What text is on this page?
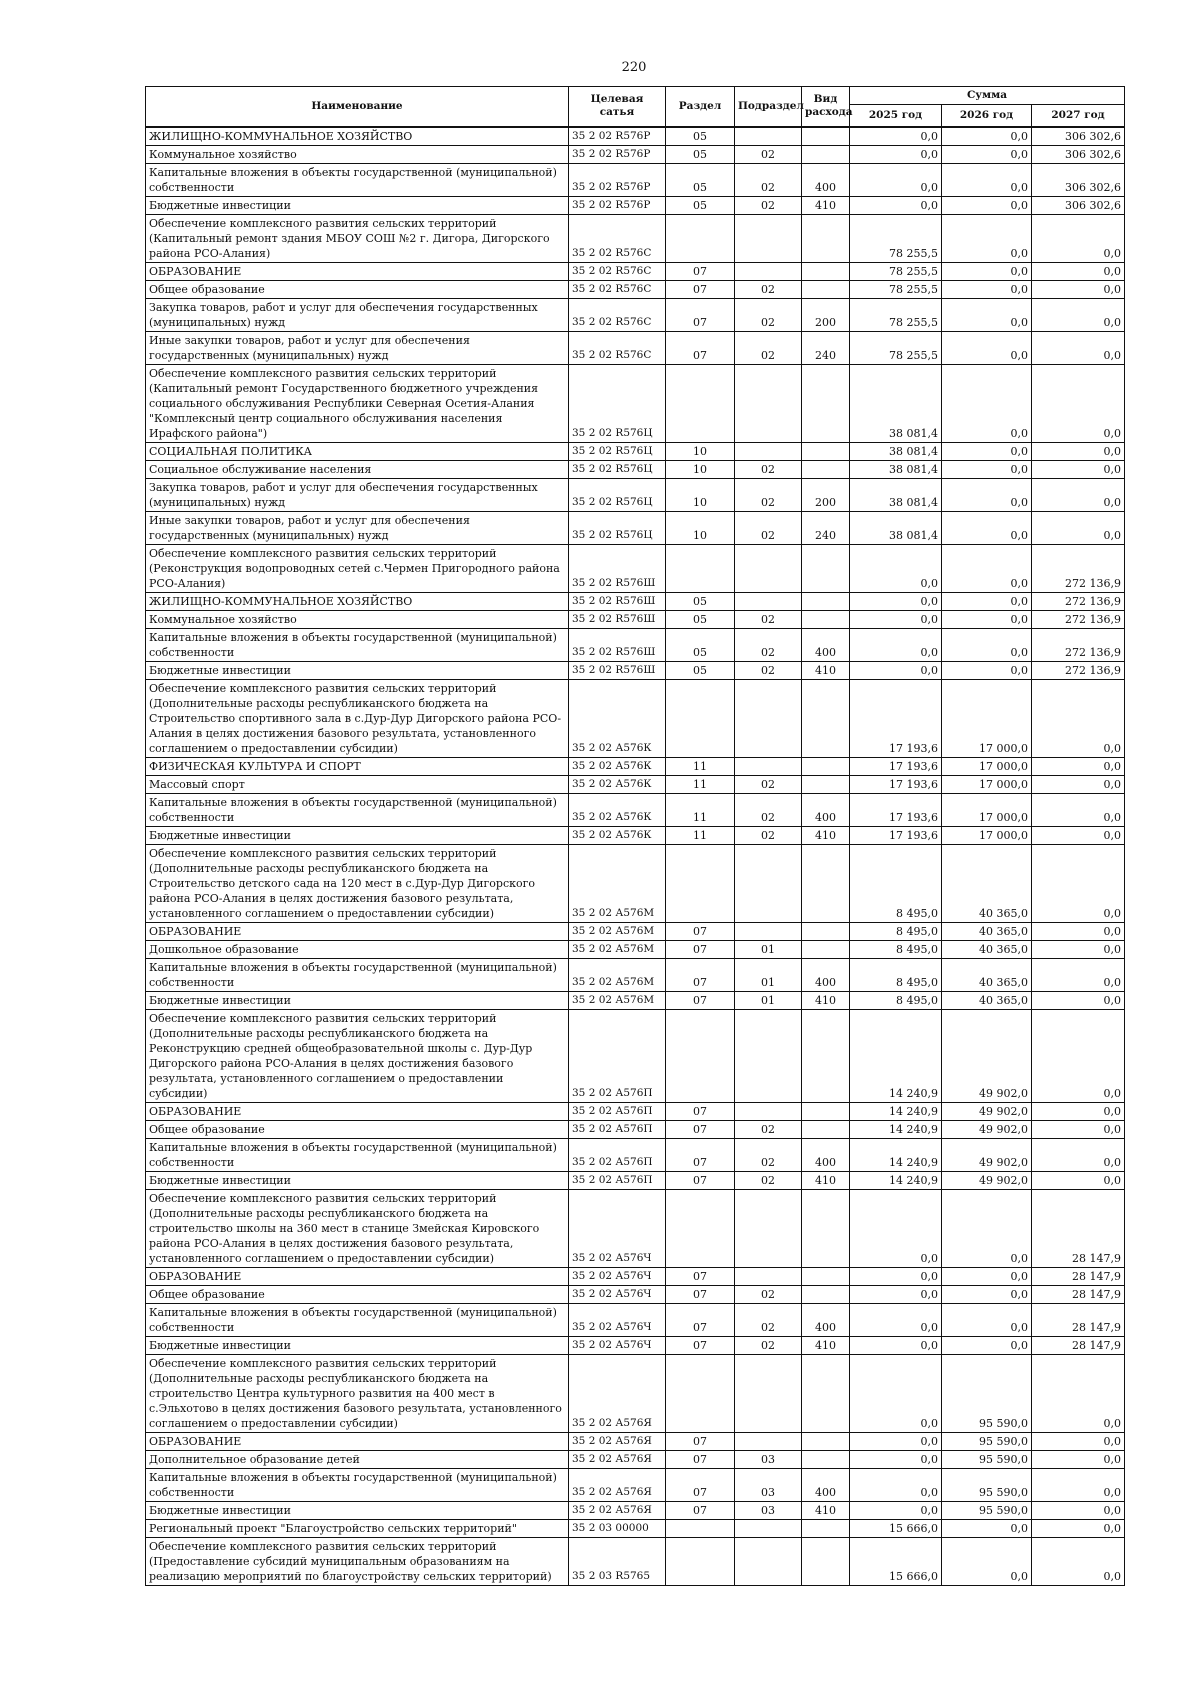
220
Наименование	Целевая сатья	Раздел	Подраздел	Вид расхода	Сумма		
					2025 год	2026 год	2027 год
ЖИЛИЩНО-КОММУНАЛЬНОЕ ХОЗЯЙСТВО	35 2 02 R576Р	05			0,0	0,0	306 302,6
Коммунальное хозяйство	35 2 02 R576Р	05	02		0,0	0,0	306 302,6
Капитальные вложения в объекты государственной (муниципальной) собственности	35 2 02 R576Р	05	02	400	0,0	0,0	306 302,6
Бюджетные инвестиции	35 2 02 R576Р	05	02	410	0,0	0,0	306 302,6
Обеспечение комплексного развития сельских территорий (Капитальный ремонт здания МБОУ СОШ №2 г. Дигора, Дигорского района РСО-Алания)	35 2 02 R576С				78 255,5	0,0	0,0
ОБРАЗОВАНИЕ	35 2 02 R576С	07			78 255,5	0,0	0,0
Общее образование	35 2 02 R576С	07	02		78 255,5	0,0	0,0
Закупка товаров, работ и услуг для обеспечения государственных (муниципальных) нужд	35 2 02 R576С	07	02	200	78 255,5	0,0	0,0
Иные закупки товаров, работ и услуг для обеспечения государственных (муниципальных) нужд	35 2 02 R576С	07	02	240	78 255,5	0,0	0,0
Обеспечение комплексного развития сельских территорий (Капитальный ремонт Государственного бюджетного учреждения социального обслуживания Республики Северная Осетия-Алания "Комплексный центр социального обслуживания населения Ирафского района")	35 2 02 R576Ц				38 081,4	0,0	0,0
СОЦИАЛЬНАЯ ПОЛИТИКА	35 2 02 R576Ц	10			38 081,4	0,0	0,0
Социальное обслуживание населения	35 2 02 R576Ц	10	02		38 081,4	0,0	0,0
Закупка товаров, работ и услуг для обеспечения государственных (муниципальных) нужд	35 2 02 R576Ц	10	02	200	38 081,4	0,0	0,0
Иные закупки товаров, работ и услуг для обеспечения государственных (муниципальных) нужд	35 2 02 R576Ц	10	02	240	38 081,4	0,0	0,0
Обеспечение комплексного развития сельских территорий (Реконструкция водопроводных сетей с.Чермен Пригородного района РСО-Алания)	35 2 02 R576Ш				0,0	0,0	272 136,9
ЖИЛИЩНО-КОММУНАЛЬНОЕ ХОЗЯЙСТВО	35 2 02 R576Ш	05			0,0	0,0	272 136,9
Коммунальное хозяйство	35 2 02 R576Ш	05	02		0,0	0,0	272 136,9
Капитальные вложения в объекты государственной (муниципальной) собственности	35 2 02 R576Ш	05	02	400	0,0	0,0	272 136,9
Бюджетные инвестиции	35 2 02 R576Ш	05	02	410	0,0	0,0	272 136,9
Обеспечение комплексного развития сельских территорий (Дополнительные расходы республиканского бюджета на Строительство спортивного зала в с.Дур-Дур Дигорского района РСО-Алания в целях достижения базового результата, установленного соглашением о предоставлении субсидии)	35 2 02 А576К				17 193,6	17 000,0	0,0
ФИЗИЧЕСКАЯ КУЛЬТУРА И СПОРТ	35 2 02 А576К	11			17 193,6	17 000,0	0,0
Массовый спорт	35 2 02 А576К	11	02		17 193,6	17 000,0	0,0
Капитальные вложения в объекты государственной (муниципальной) собственности	35 2 02 А576К	11	02	400	17 193,6	17 000,0	0,0
Бюджетные инвестиции	35 2 02 А576К	11	02	410	17 193,6	17 000,0	0,0
Обеспечение комплексного развития сельских территорий (Дополнительные расходы республиканского бюджета на Строительство детского сада на 120 мест в с.Дур-Дур Дигорского района РСО-Алания в целях достижения базового результата, установленного соглашением о предоставлении субсидии)	35 2 02 А576М				8 495,0	40 365,0	0,0
ОБРАЗОВАНИЕ	35 2 02 А576М	07			8 495,0	40 365,0	0,0
Дошкольное образование	35 2 02 А576М	07	01		8 495,0	40 365,0	0,0
Капитальные вложения в объекты государственной (муниципальной) собственности	35 2 02 А576М	07	01	400	8 495,0	40 365,0	0,0
Бюджетные инвестиции	35 2 02 А576М	07	01	410	8 495,0	40 365,0	0,0
Обеспечение комплексного развития сельских территорий (Дополнительные расходы республиканского бюджета на Реконструкцию средней общеобразовательной школы с. Дур-Дур Дигорского района РСО-Алания в целях достижения базового результата, установленного соглашением о предоставлении субсидии)	35 2 02 А576П				14 240,9	49 902,0	0,0
ОБРАЗОВАНИЕ	35 2 02 А576П	07			14 240,9	49 902,0	0,0
Общее образование	35 2 02 А576П	07	02		14 240,9	49 902,0	0,0
Капитальные вложения в объекты государственной (муниципальной) собственности	35 2 02 А576П	07	02	400	14 240,9	49 902,0	0,0
Бюджетные инвестиции	35 2 02 А576П	07	02	410	14 240,9	49 902,0	0,0
Обеспечение комплексного развития сельских территорий (Дополнительные расходы республиканского бюджета на строительство школы на 360 мест в станице Змейская Кировского района РСО-Алания в целях достижения базового результата, установленного соглашением о предоставлении субсидии)	35 2 02 А576Ч				0,0	0,0	28 147,9
ОБРАЗОВАНИЕ	35 2 02 А576Ч	07			0,0	0,0	28 147,9
Общее образование	35 2 02 А576Ч	07	02		0,0	0,0	28 147,9
Капитальные вложения в объекты государственной (муниципальной) собственности	35 2 02 А576Ч	07	02	400	0,0	0,0	28 147,9
Бюджетные инвестиции	35 2 02 А576Ч	07	02	410	0,0	0,0	28 147,9
Обеспечение комплексного развития сельских территорий (Дополнительные расходы республиканского бюджета на строительство Центра культурного развития на 400 мест в с.Эльхотово в целях достижения базового результата, установленного соглашением о предоставлении субсидии)	35 2 02 А576Я				0,0	95 590,0	0,0
ОБРАЗОВАНИЕ	35 2 02 А576Я	07			0,0	95 590,0	0,0
Дополнительное образование детей	35 2 02 А576Я	07	03		0,0	95 590,0	0,0
Капитальные вложения в объекты государственной (муниципальной) собственности	35 2 02 А576Я	07	03	400	0,0	95 590,0	0,0
Бюджетные инвестиции	35 2 02 А576Я	07	03	410	0,0	95 590,0	0,0
Региональный проект "Благоустройство сельских территорий"	35 2 03 00000				15 666,0	0,0	0,0
Обеспечение комплексного развития сельских территорий (Предоставление субсидий муниципальным образованиям на реализацию мероприятий по благоустройству сельских территорий)	35 2 03 R5765				15 666,0	0,0	0,0
